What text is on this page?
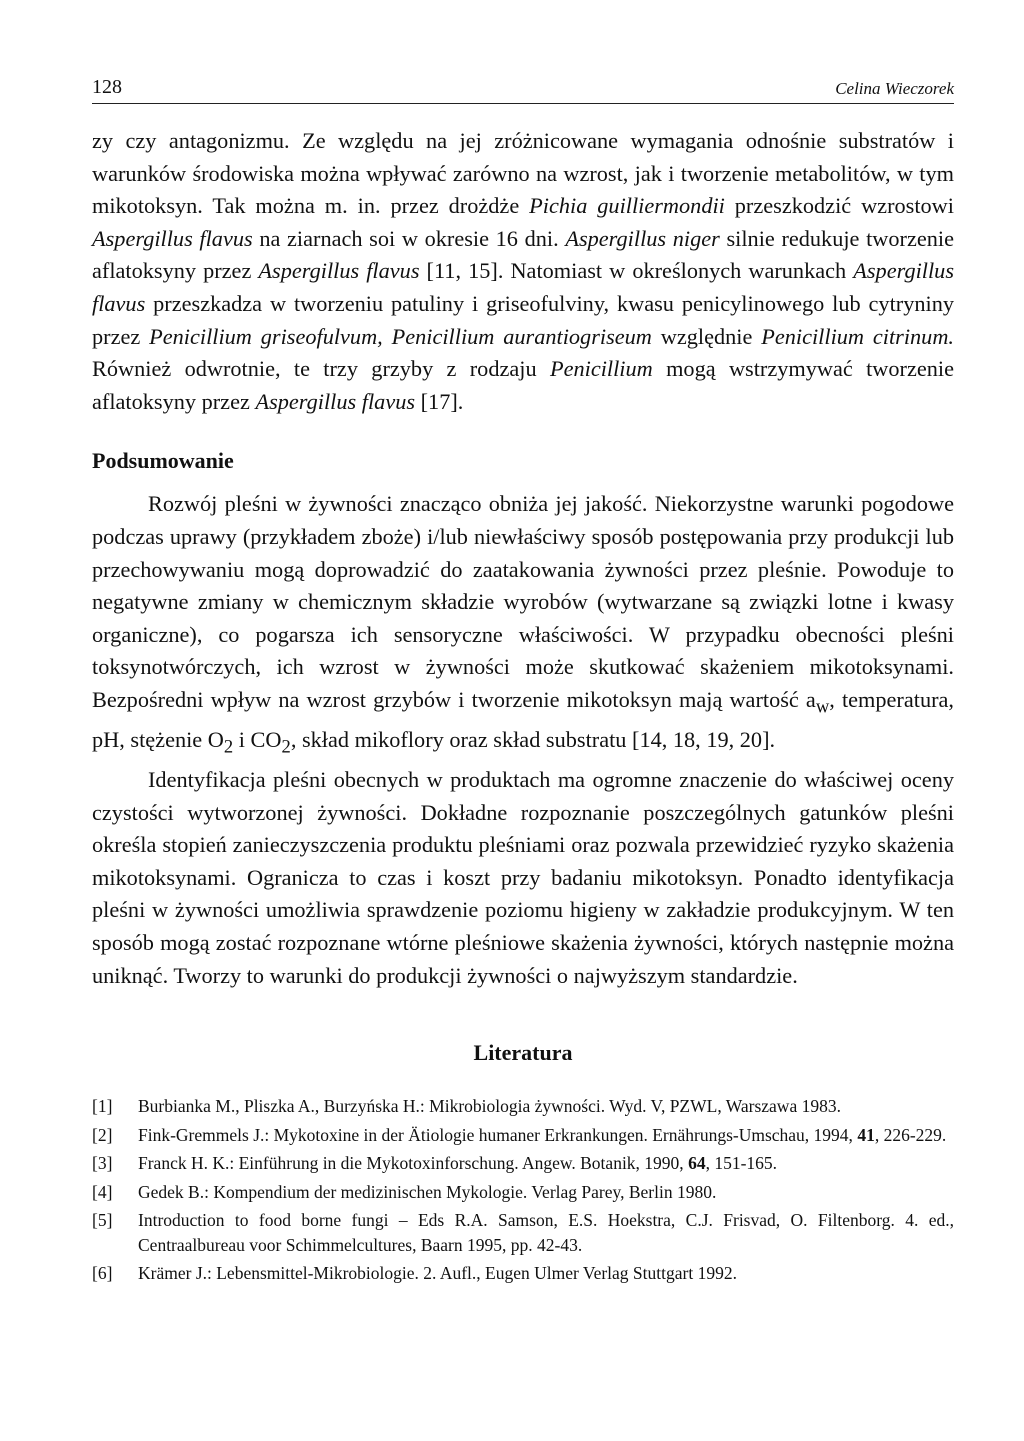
128	Celina Wieczorek

zy czy antagonizmu. Ze względu na jej zróżnicowane wymagania odnośnie substratów i warunków środowiska można wpływać zarówno na wzrost, jak i tworzenie metabolitów, w tym mikotoksyn. Tak można m. in. przez drożdże Pichia guilliermondii przeszkodzić wzrostowi Aspergillus flavus na ziarnach soi w okresie 16 dni. Aspergillus niger silnie redukuje tworzenie aflatoksyny przez Aspergillus flavus [11, 15]. Natomiast w określonych warunkach Aspergillus flavus przeszkadza w tworzeniu patuliny i griseofulviny, kwasu penicylinowego lub cytryniny przez Penicillium griseofulvum, Penicillium aurantiogriseum względnie Penicillium citrinum. Również odwrotnie, te trzy grzyby z rodzaju Penicillium mogą wstrzymywać tworzenie aflatoksyny przez Aspergillus flavus [17].

Podsumowanie

Rozwój pleśni w żywności znacząco obniża jej jakość. Niekorzystne warunki pogodowe podczas uprawy (przykładem zboże) i/lub niewłaściwy sposób postępowania przy produkcji lub przechowywaniu mogą doprowadzić do zaatakowania żywności przez pleśnie. Powoduje to negatywne zmiany w chemicznym składzie wyrobów (wytwarzane są związki lotne i kwasy organiczne), co pogarsza ich sensoryczne właściwości. W przypadku obecności pleśni toksynotwórczych, ich wzrost w żywności może skutkować skażeniem mikotoksynami. Bezpośredni wpływ na wzrost grzybów i tworzenie mikotoksyn mają wartość $a_w$, temperatura, pH, stężenie $O_2$ i $CO_2$, skład mikoflory oraz skład substratu [14, 18, 19, 20].

Identyfikacja pleśni obecnych w produktach ma ogromne znaczenie do właściwej oceny czystości wytworzonej żywności. Dokładne rozpoznanie poszczególnych gatunków pleśni określa stopień zanieczyszczenia produktu pleśniami oraz pozwala przewidzieć ryzyko skażenia mikotoksynami. Ogranicza to czas i koszt przy badaniu mikotoksyn. Ponadto identyfikacja pleśni w żywności umożliwia sprawdzenie poziomu higieny w zakładzie produkcyjnym. W ten sposób mogą zostać rozpoznane wtórne pleśniowe skażenia żywności, których następnie można uniknąć. Tworzy to warunki do produkcji żywności o najwyższym standardzie.

Literatura
[1]	Burbianka M., Pliszka A., Burzyńska H.: Mikrobiologia żywności. Wyd. V, PZWL, Warszawa 1983.
[2]	Fink-Gremmels J.: Mykotoxine in der Ätiologie humaner Erkrankungen. Ernährungs-Umschau, 1994, 41, 226-229.
[3]	Franck H. K.: Einführung in die Mykotoxinforschung. Angew. Botanik, 1990, 64, 151-165.
[4]	Gedek B.: Kompendium der medizinischen Mykologie. Verlag Parey, Berlin 1980.
[5]	Introduction to food borne fungi – Eds R.A. Samson, E.S. Hoekstra, C.J. Frisvad, O. Filtenborg. 4. ed., Centraalbureau voor Schimmelcultures, Baarn 1995, pp. 42-43.
[6]	Krämer J.: Lebensmittel-Mikrobiologie. 2. Aufl., Eugen Ulmer Verlag Stuttgart 1992.
